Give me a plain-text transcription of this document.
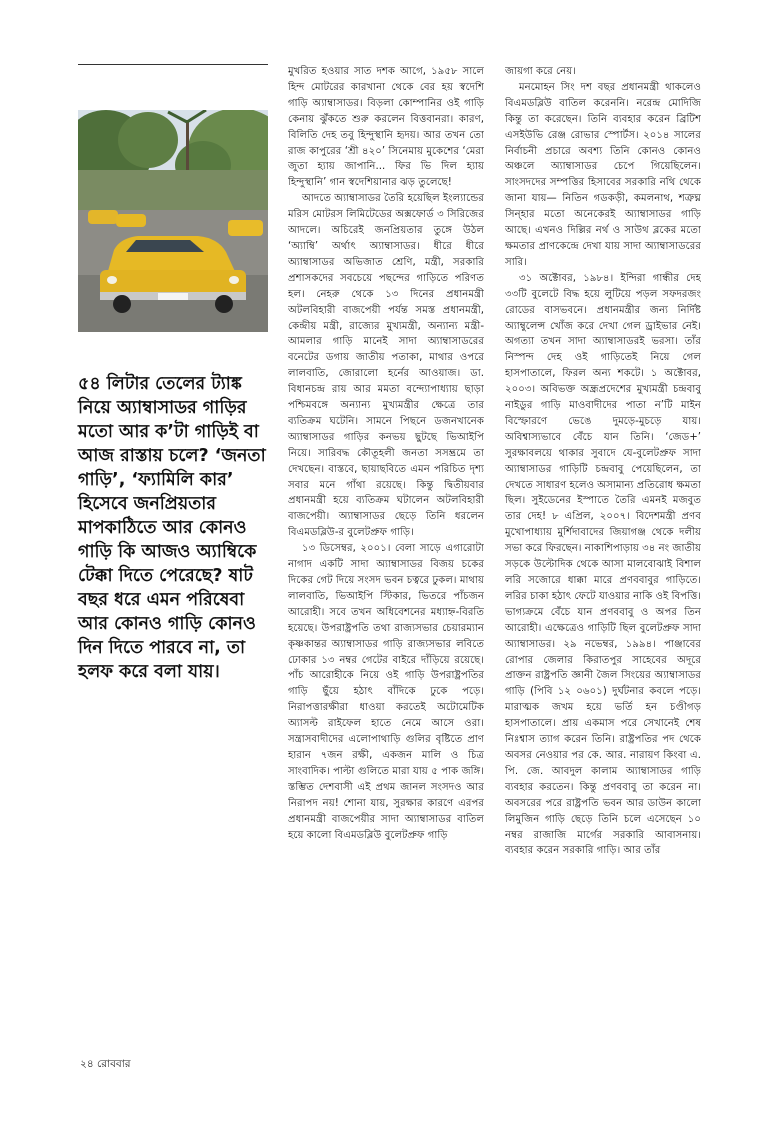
৫৪ লিটার তেলের ট্যাঙ্ক নিয়ে অ্যাম্বাসাডর গাড়ির মতো আর ক’টা গাড়িই বা আজ রাস্তায় চলে? ‘জনতা গাড়ি’, ‘ফ্যামিলি কার’ হিসেবে জনপ্রিয়তার মাপকাঠিতে আর কোনও গাড়ি কি আজও অ্যাম্বিকে টেক্কা দিতে পেরেছে? ষাট বছর ধরে এমন পরিষেবা আর কোনও গাড়ি কোনও দিন দিতে পারবে না, তা হলফ করে বলা যায়।

মুখরিত হওয়ার সাত দশক আগে, ১৯৫৮ সালে হিন্দ মোটরের কারখানা থেকে বের হয় স্বদেশি গাড়ি অ্যাম্বাসাডর। বিড়লা কোম্পানির ওই গাড়ি কেনায় ঝুঁকতে শুরু করলেন বিত্তবানরা। কারণ, বিলিতি দেহ তবু হিন্দুস্থানি হৃদয়। আর তখন তো রাজ কাপুরের ‘শ্রী ৪২০’ সিনেমায় মুকেশের ‘মেরা জুতা হ্যায় জাপানি... ফির ভি দিল হ্যায় হিন্দুস্থানি’ গান স্বদেশিয়ানার ঝড় তুলেছে!

আদতে অ্যাম্বাসাডর তৈরি হয়েছিল ইংল্যান্ডের মরিস মোটরস লিমিটেডের অক্সফোর্ড ৩ সিরিজের আদলে। অচিরেই জনপ্রিয়তার তুঙ্গে উঠল ‘অ্যাম্বি’ অর্থাৎ অ্যাম্বাসাডর। ধীরে ধীরে অ্যাম্বাসাডর অভিজাত শ্রেণি, মন্ত্রী, সরকারি প্রশাসকদের সবচেয়ে পছন্দের গাড়িতে পরিণত হল। নেহরু থেকে ১৩ দিনের প্রধানমন্ত্রী অটলবিহারী বাজপেয়ী পর্যন্ত সমস্ত প্রধানমন্ত্রী, কেন্দ্রীয় মন্ত্রী, রাজ্যের মুখ্যমন্ত্রী, অন্যান্য মন্ত্রী-আমলার গাড়ি মানেই সাদা অ্যাম্বাসাডরের বনেটের ডগায় জাতীয় পতাকা, মাথার ওপরে লালবাতি, জোরালো হর্নের আওয়াজ। ডা. বিধানচন্দ্র রায় আর মমতা বন্দ্যোপাধ্যায় ছাড়া পশ্চিমবঙ্গে অন্যান্য মুখ্যমন্ত্রীর ক্ষেত্রে তার ব্যতিক্রম ঘটেনি। সামনে পিছনে ডজনখানেক অ্যাম্বাসাডর গাড়ির কনভয় ছুটছে ভিআইপি নিয়ে। সারিবদ্ধ কৌতূহলী জনতা সসম্ভ্রমে তা দেখছেন। বাস্তবে, ছায়াছবিতে এমন পরিচিত দৃশ্য সবার মনে গাঁথা রয়েছে। কিন্তু দ্বিতীয়বার প্রধানমন্ত্রী হয়ে ব্যতিক্রম ঘটালেন অটলবিহারী বাজপেয়ী। অ্যাম্বাসাডর ছেড়ে তিনি ধরলেন বিএমডব্লিউ-র বুলেটপ্রুফ গাড়ি।

১৩ ডিসেম্বর, ২০০১। বেলা সাড়ে এগারোটা নাগাদ একটি সাদা অ্যাম্বাসাডর বিজয় চকের দিকের গেট দিয়ে সংসদ ভবন চত্বরে ঢুকল। মাথায় লালবাতি, ভিআইপি স্টিকার, ভিতরে পাঁচজন আরোহী। সবে তখন অধিবেশনের মধ্যাহ্ন-বিরতি হয়েছে। উপরাষ্ট্রপতি তথা রাজ্যসভার চেয়ারম্যান কৃষ্ণকান্তর অ্যাম্বাসাডর গাড়ি রাজ্যসভার লবিতে ঢোকার ১৩ নম্বর গেটের বাইরে দাঁড়িয়ে রয়েছে। পাঁচ আরোহীকে নিয়ে ওই গাড়ি উপরাষ্ট্রপতির গাড়ি ছুঁয়ে হঠাৎ বাঁদিকে ঢুকে পড়ে। নিরাপত্তারক্ষীরা ধাওয়া করতেই অটোমেটিক অ্যাসল্ট রাইফেল হাতে নেমে আসে ওরা। সন্ত্রাসবাদীদের এলোপাথাড়ি গুলির বৃষ্টিতে প্রাণ হারান ৭জন রক্ষী, একজন মালি ও চিত্র সাংবাদিক। পাল্টা গুলিতে মারা যায় ৫ পাক জঙ্গি। স্তম্ভিত দেশবাসী এই প্রথম জানল সংসদও আর নিরাপদ নয়! শোনা যায়, সুরক্ষার কারণে এরপর প্রধানমন্ত্রী বাজপেয়ীর সাদা অ্যাম্বাসাডর বাতিল হয়ে কালো বিএমডব্লিউ বুলেটপ্রুফ গাড়ি

জায়গা করে নেয়।

মনমোহন সিং দশ বছর প্রধানমন্ত্রী থাকলেও বিএমডব্লিউ বাতিল করেননি। নরেন্দ্র মোদিজি কিন্তু তা করেছেন। তিনি ব্যবহার করেন ব্রিটিশ এসইউভি রেঞ্জ রোভার স্পোর্টস। ২০১৪ সালের নির্বাচনী প্রচারে অবশ্য তিনি কোনও কোনও অঞ্চলে অ্যাম্বাসাডর চেপে গিয়েছিলেন। সাংসদদের সম্পত্তির হিসাবের সরকারি নথি থেকে জানা যায়— নিতিন গডকড়ী, কমলনাথ, শত্রুঘ্ন সিন্‌হার মতো অনেকেরই অ্যাম্বাসাডর গাড়ি আছে। এখনও দিল্লির নর্থ ও সাউথ ব্লকের মতো ক্ষমতার প্রাণকেন্দ্রে দেখা যায় সাদা অ্যাম্বাসাডরের সারি।

৩১ অক্টোবর, ১৯৮৪। ইন্দিরা গান্ধীর দেহ ৩৩টি বুলেটে বিদ্ধ হয়ে লুটিয়ে পড়ল সফদরজং রোডের বাসভবনে। প্রধানমন্ত্রীর জন্য নির্দিষ্ট অ্যাম্বুলেন্স খোঁজ করে দেখা গেল ড্রাইভার নেই। অগত্যা তখন সাদা অ্যাম্বাসাডরই ভরসা। তাঁর নিস্পন্দ দেহ ওই গাড়িতেই নিয়ে গেল হাসপাতালে, ফিরল অন্য শকটে। ১ অক্টোবর, ২০০৩। অবিভক্ত অন্ধ্রপ্রদেশের মুখ্যমন্ত্রী চন্দ্রবাবু নাইডুর গাড়ি মাওবাদীদের পাতা ন’টি মাইন বিস্ফোরণে ভেঙে দুমড়ে-মুচড়ে যায়। অবিশ্বাস্যভাবে বেঁচে যান তিনি। ‘জেড+’ সুরক্ষাবলয়ে থাকার সুবাদে যে-বুলেটপ্রুফ সাদা অ্যাম্বাসাডর গাড়িটি চন্দ্রবাবু পেয়েছিলেন, তা দেখতে সাধারণ হলেও অসামান্য প্রতিরোধ ক্ষমতা ছিল। সুইডেনের ইস্পাতে তৈরি এমনই মজবুত তার দেহ! ৮ এপ্রিল, ২০০৭। বিদেশমন্ত্রী প্রণব মুখোপাধ্যায় মুর্শিদাবাদের জিয়াগঞ্জ থেকে দলীয় সভা করে ফিরছেন। নাকাশিপাড়ায় ৩৪ নং জাতীয় সড়কে উল্টোদিক থেকে আসা মালবোঝাই বিশাল লরি সজোরে ধাক্কা মারে প্রণববাবুর গাড়িতে। লরির চাকা হঠাৎ ফেটে যাওয়ার নাকি ওই বিপত্তি। ভাগ্যক্রমে বেঁচে যান প্রণববাবু ও অপর তিন আরোহী। এক্ষেত্রেও গাড়িটি ছিল বুলেটপ্রুফ সাদা অ্যাম্বাসাডর। ২৯ নভেম্বর, ১৯৯৪। পাঞ্জাবের রোপার জেলার কিরাতপুর সাহেবের অদূরে প্রাক্তন রাষ্ট্রপতি জ্ঞানী জৈল সিংয়ের অ্যাম্বাসাডর গাড়ি (পিবি ১২ ০৬০১) দুর্ঘটনার কবলে পড়ে। মারাত্মক জখম হয়ে ভর্তি হন চণ্ডীগড় হাসপাতালে। প্রায় একমাস পরে সেখানেই শেষ নিঃশ্বাস ত্যাগ করেন তিনি। রাষ্ট্রপতির পদ থেকে অবসর নেওয়ার পর কে. আর. নারায়ণ কিংবা এ. পি. জে. আবদুল কালাম অ্যাম্বাসাডর গাড়ি ব্যবহার করতেন। কিন্তু প্রণববাবু তা করেন না। অবসরের পরে রাষ্ট্রপতি ভবন আর ডাউন কালো লিমুজিন গাড়ি ছেড়ে তিনি চলে এসেছেন ১০ নম্বর রাজাজি মার্গের সরকারি আবাসনায়। ব্যবহার করেন সরকারি গাড়ি। আর তাঁর

২৪ রোববার
